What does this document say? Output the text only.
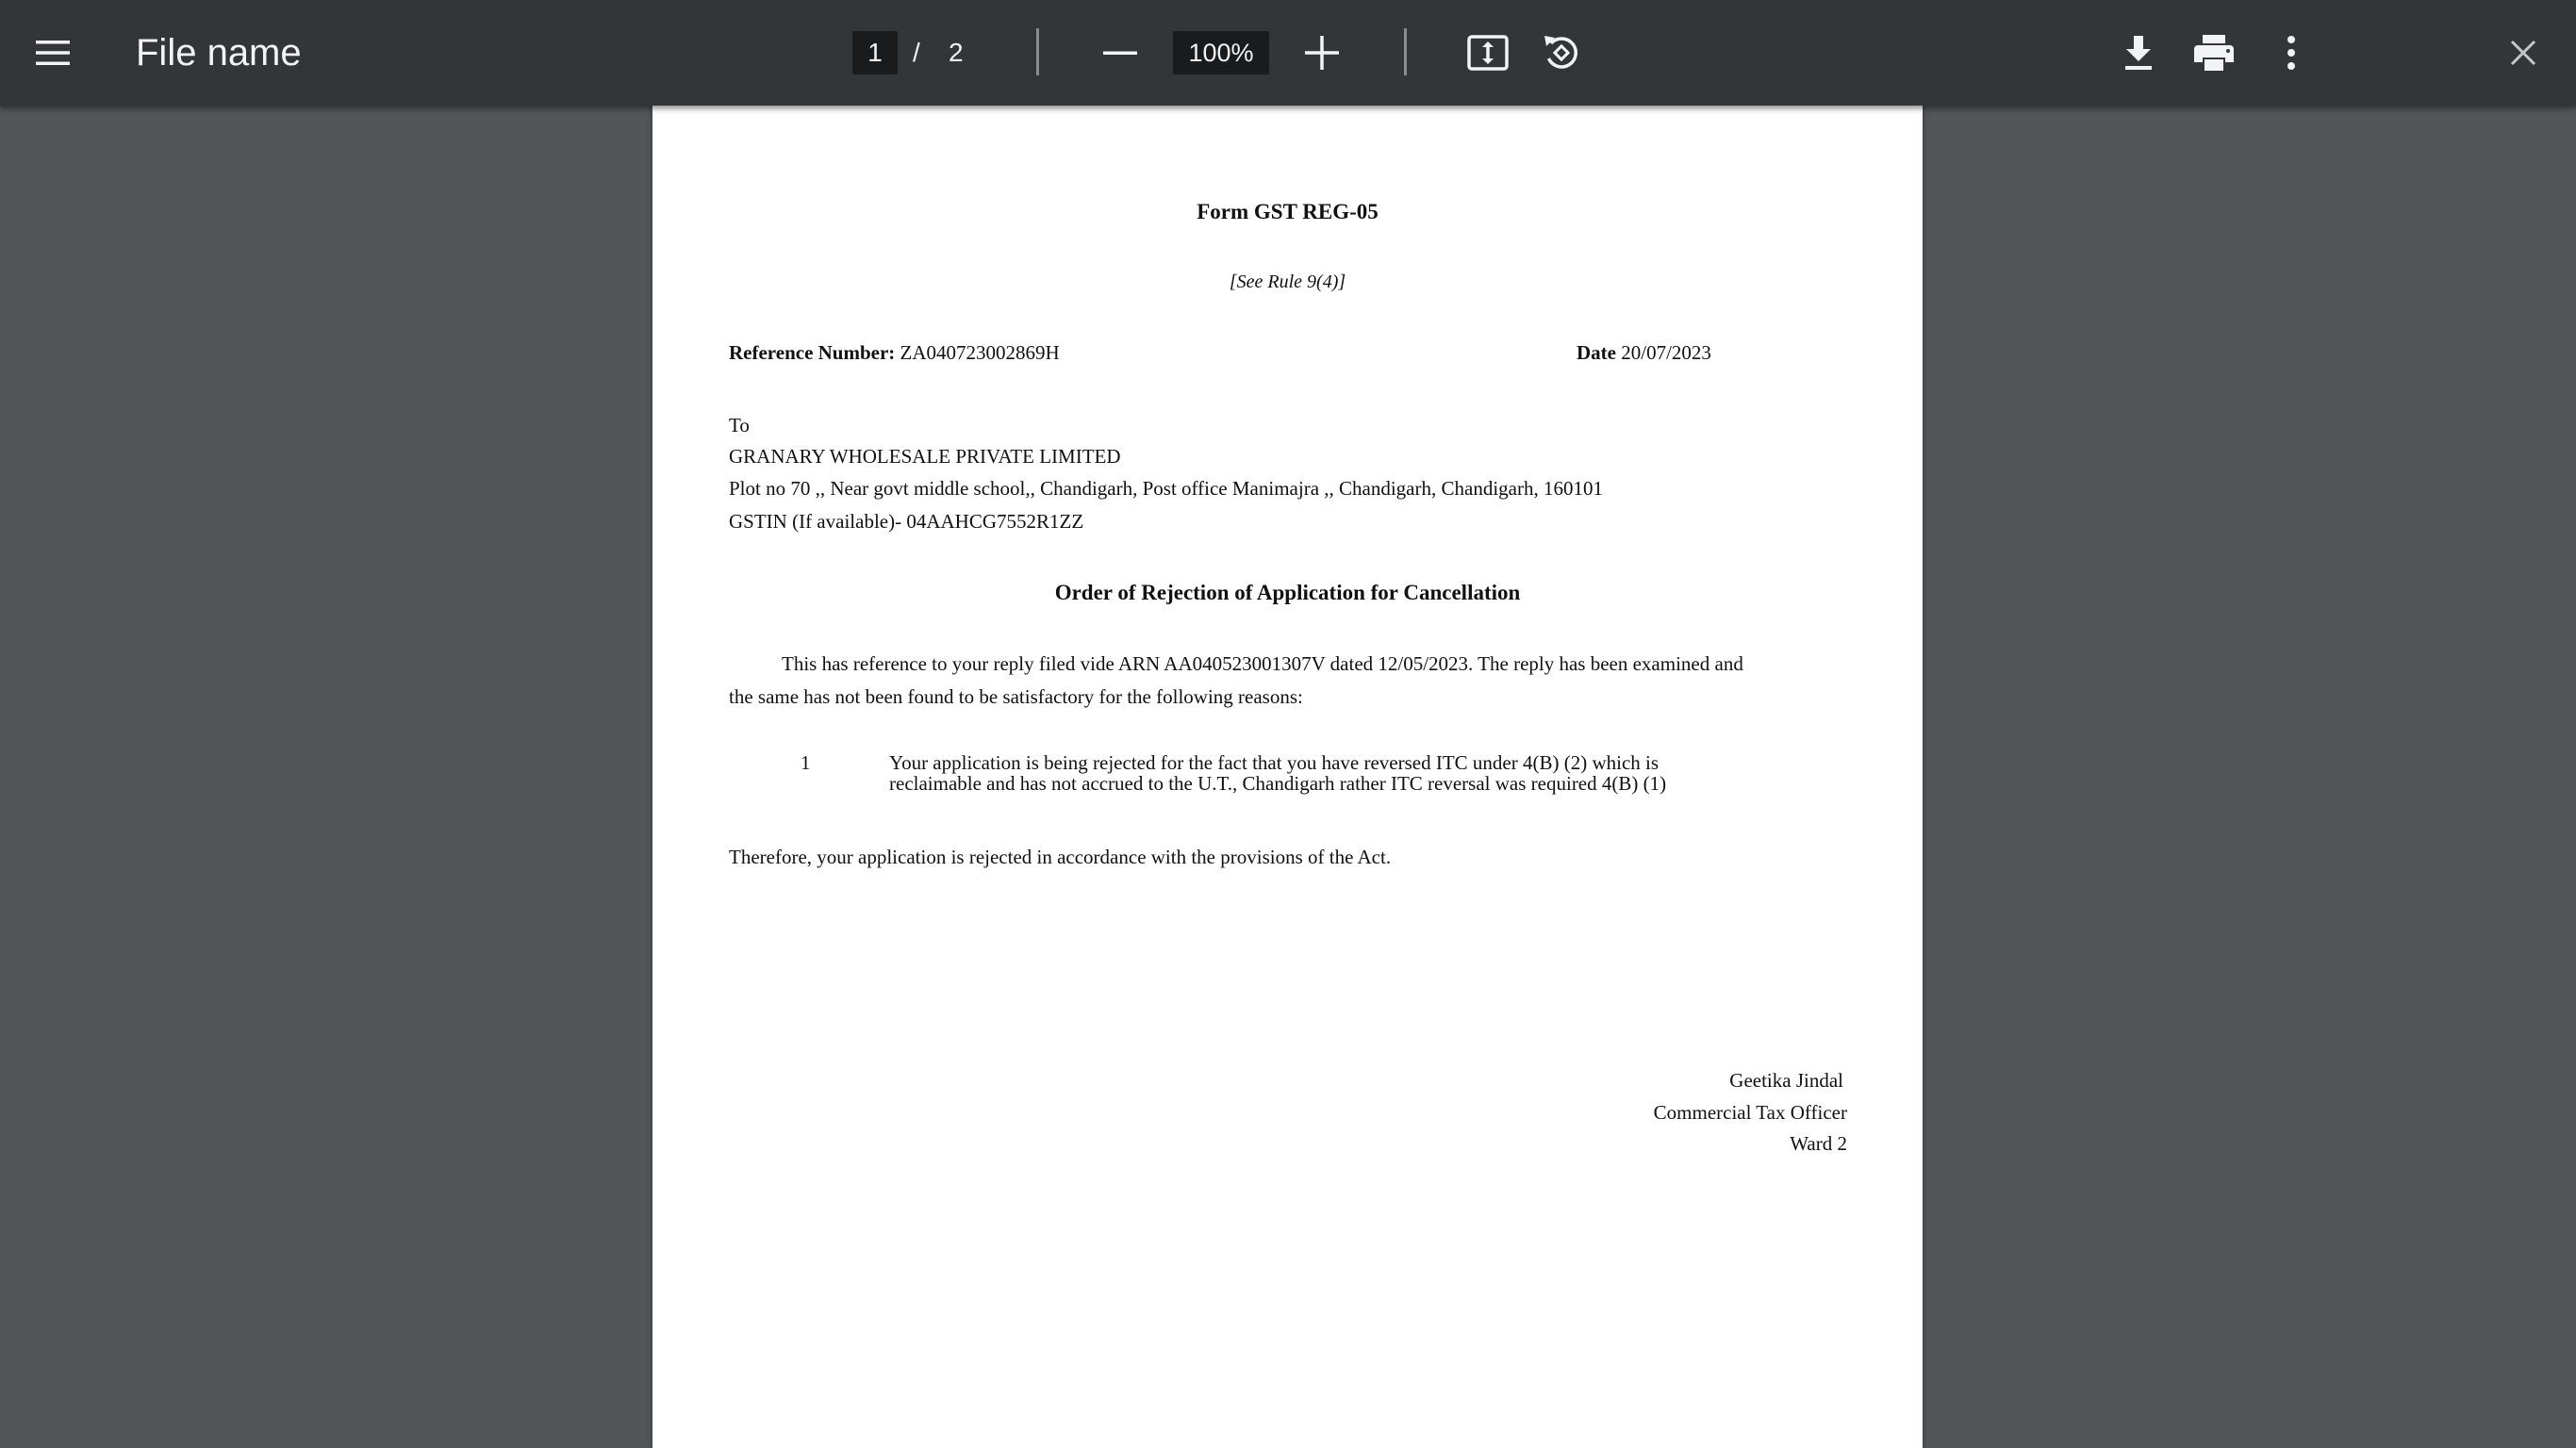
File name
1	/ 2
100%
Form GST REG-05
[See Rule 9(4)]
Reference Number: ZA040723002869H	Date 20/07/2023
To
GRANARY WHOLESALE PRIVATE LIMITED
Plot no 70 ,, Near govt middle school,, Chandigarh, Post office Manimajra ,, Chandigarh, Chandigarh, 160101
GSTIN (If available)- 04AAHCG7552R1ZZ
Order of Rejection of Application for Cancellation
This has reference to your reply filed vide ARN AA040523001307V dated 12/05/2023. The reply has been examined and
the same has not been found to be satisfactory for the following reasons:
1	Your application is being rejected for the fact that you have reversed ITC under 4(B) (2) which is
reclaimable and has not accrued to the U.T., Chandigarh rather ITC reversal was required 4(B) (1)
Therefore, your application is rejected in accordance with the provisions of the Act.
Geetika Jindal
Commercial Tax Officer
Ward 2
